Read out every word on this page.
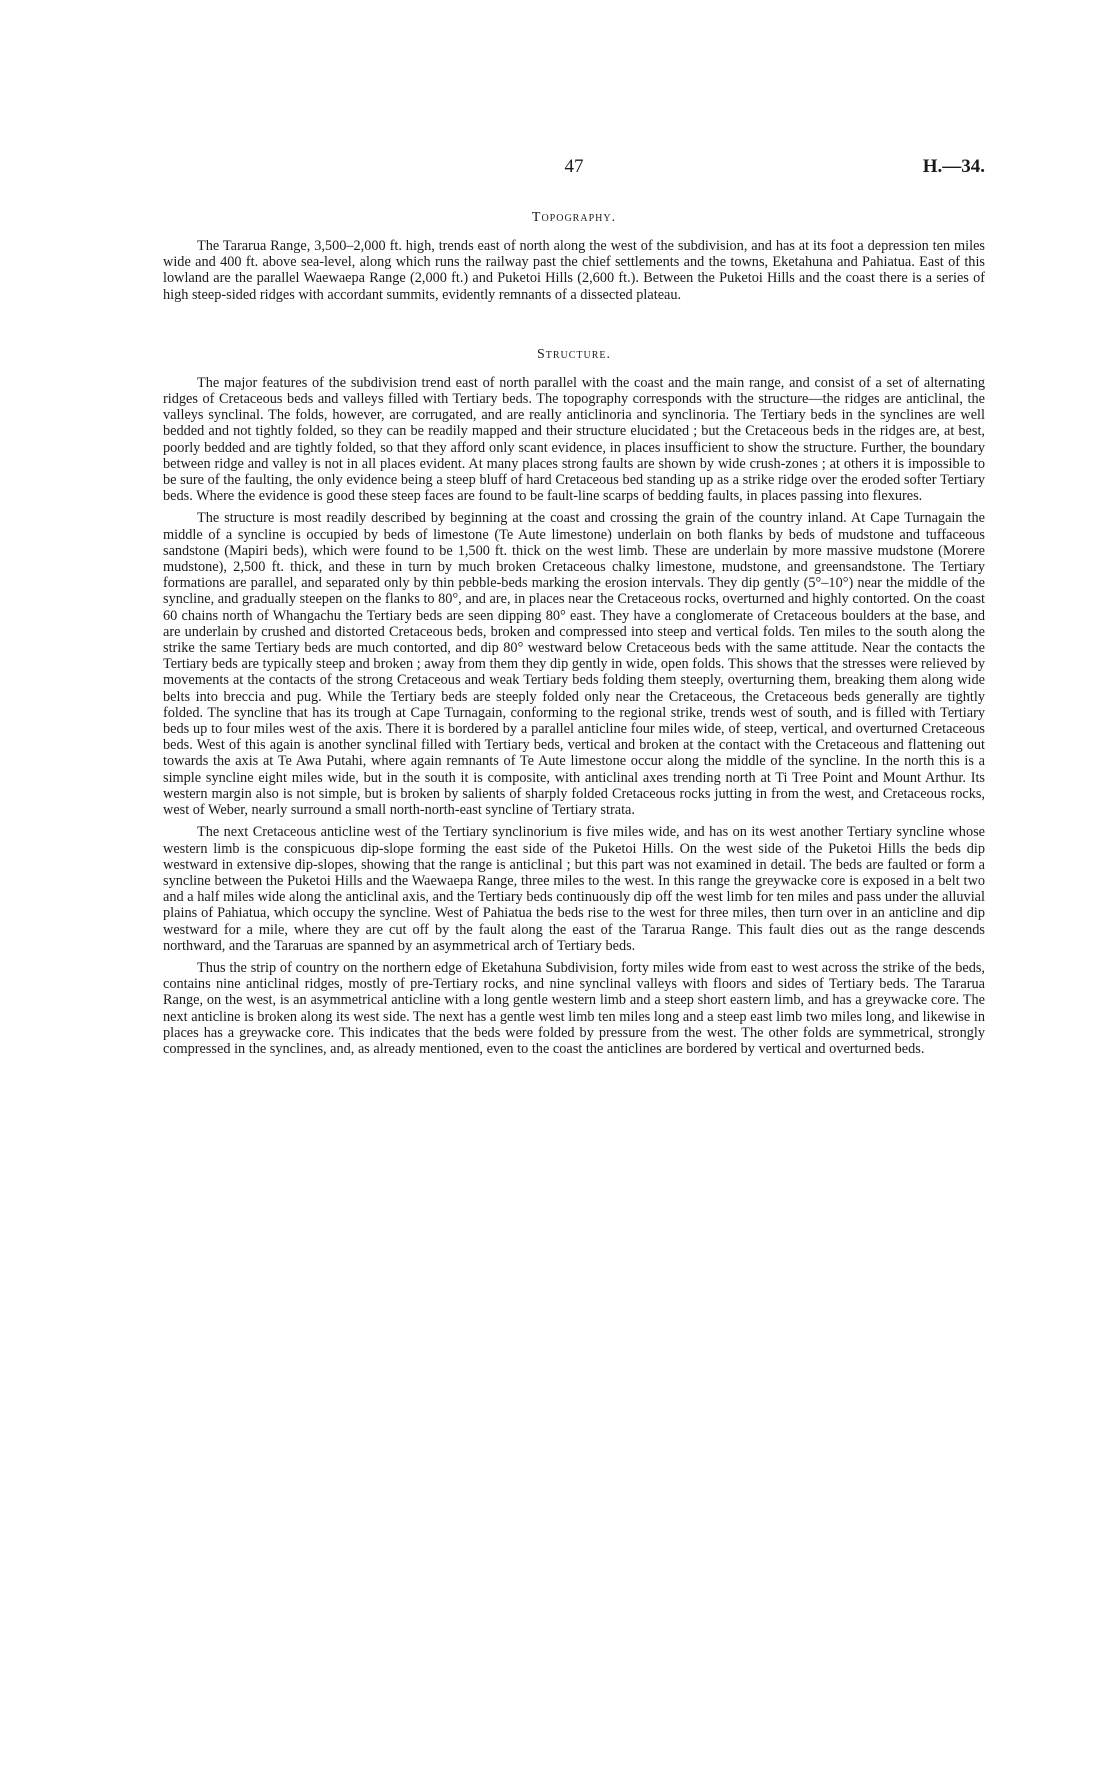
47	H.—34.
Topography.

The Tararua Range, 3,500–2,000 ft. high, trends east of north along the west of the subdivision, and has at its foot a depression ten miles wide and 400 ft. above sea-level, along which runs the railway past the chief settlements and the towns, Eketahuna and Pahiatua. East of this lowland are the parallel Waewaepa Range (2,000 ft.) and Puketoi Hills (2,600 ft.). Between the Puketoi Hills and the coast there is a series of high steep-sided ridges with accordant summits, evidently remnants of a dissected plateau.

Structure.

The major features of the subdivision trend east of north parallel with the coast and the main range, and consist of a set of alternating ridges of Cretaceous beds and valleys filled with Tertiary beds. The topography corresponds with the structure—the ridges are anticlinal, the valleys synclinal. The folds, however, are corrugated, and are really anticlinoria and synclinoria. The Tertiary beds in the synclines are well bedded and not tightly folded, so they can be readily mapped and their structure elucidated ; but the Cretaceous beds in the ridges are, at best, poorly bedded and are tightly folded, so that they afford only scant evidence, in places insufficient to show the structure. Further, the boundary between ridge and valley is not in all places evident. At many places strong faults are shown by wide crush-zones ; at others it is impossible to be sure of the faulting, the only evidence being a steep bluff of hard Cretaceous bed standing up as a strike ridge over the eroded softer Tertiary beds. Where the evidence is good these steep faces are found to be fault-line scarps of bedding faults, in places passing into flexures.

The structure is most readily described by beginning at the coast and crossing the grain of the country inland. At Cape Turnagain the middle of a syncline is occupied by beds of limestone (Te Aute limestone) underlain on both flanks by beds of mudstone and tuffaceous sandstone (Mapiri beds), which were found to be 1,500 ft. thick on the west limb. These are underlain by more massive mudstone (Morere mudstone), 2,500 ft. thick, and these in turn by much broken Cretaceous chalky limestone, mudstone, and greensandstone. The Tertiary formations are parallel, and separated only by thin pebble-beds marking the erosion intervals. They dip gently (5°–10°) near the middle of the syncline, and gradually steepen on the flanks to 80°, and are, in places near the Cretaceous rocks, overturned and highly contorted. On the coast 60 chains north of Whangachu the Tertiary beds are seen dipping 80° east. They have a conglomerate of Cretaceous boulders at the base, and are underlain by crushed and distorted Cretaceous beds, broken and compressed into steep and vertical folds. Ten miles to the south along the strike the same Tertiary beds are much contorted, and dip 80° westward below Cretaceous beds with the same attitude. Near the contacts the Tertiary beds are typically steep and broken ; away from them they dip gently in wide, open folds. This shows that the stresses were relieved by movements at the contacts of the strong Cretaceous and weak Tertiary beds folding them steeply, overturning them, breaking them along wide belts into breccia and pug. While the Tertiary beds are steeply folded only near the Cretaceous, the Cretaceous beds generally are tightly folded. The syncline that has its trough at Cape Turnagain, conforming to the regional strike, trends west of south, and is filled with Tertiary beds up to four miles west of the axis. There it is bordered by a parallel anticline four miles wide, of steep, vertical, and overturned Cretaceous beds. West of this again is another synclinal filled with Tertiary beds, vertical and broken at the contact with the Cretaceous and flattening out towards the axis at Te Awa Putahi, where again remnants of Te Aute limestone occur along the middle of the syncline. In the north this is a simple syncline eight miles wide, but in the south it is composite, with anticlinal axes trending north at Ti Tree Point and Mount Arthur. Its western margin also is not simple, but is broken by salients of sharply folded Cretaceous rocks jutting in from the west, and Cretaceous rocks, west of Weber, nearly surround a small north-north-east syncline of Tertiary strata.

The next Cretaceous anticline west of the Tertiary synclinorium is five miles wide, and has on its west another Tertiary syncline whose western limb is the conspicuous dip-slope forming the east side of the Puketoi Hills. On the west side of the Puketoi Hills the beds dip westward in extensive dip-slopes, showing that the range is anticlinal ; but this part was not examined in detail. The beds are faulted or form a syncline between the Puketoi Hills and the Waewaepa Range, three miles to the west. In this range the greywacke core is exposed in a belt two and a half miles wide along the anticlinal axis, and the Tertiary beds continuously dip off the west limb for ten miles and pass under the alluvial plains of Pahiatua, which occupy the syncline. West of Pahiatua the beds rise to the west for three miles, then turn over in an anticline and dip westward for a mile, where they are cut off by the fault along the east of the Tararua Range. This fault dies out as the range descends northward, and the Tararuas are spanned by an asymmetrical arch of Tertiary beds.

Thus the strip of country on the northern edge of Eketahuna Subdivision, forty miles wide from east to west across the strike of the beds, contains nine anticlinal ridges, mostly of pre-Tertiary rocks, and nine synclinal valleys with floors and sides of Tertiary beds. The Tararua Range, on the west, is an asymmetrical anticline with a long gentle western limb and a steep short eastern limb, and has a greywacke core. The next anticline is broken along its west side. The next has a gentle west limb ten miles long and a steep east limb two miles long, and likewise in places has a greywacke core. This indicates that the beds were folded by pressure from the west. The other folds are symmetrical, strongly compressed in the synclines, and, as already mentioned, even to the coast the anticlines are bordered by vertical and overturned beds.
